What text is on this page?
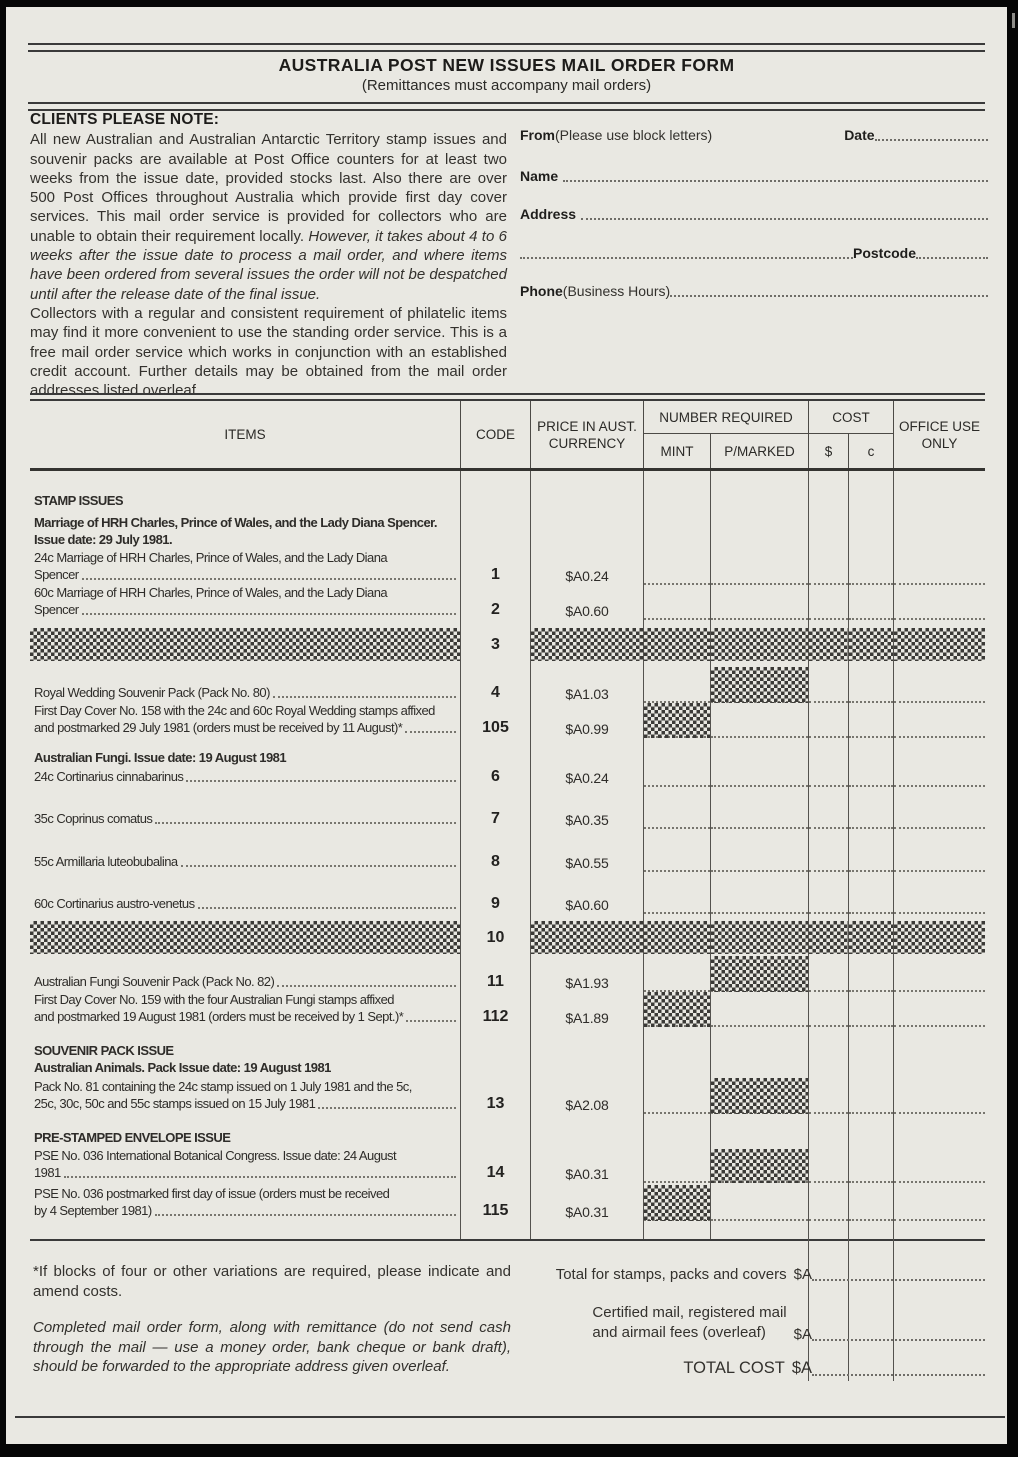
AUSTRALIA POST NEW ISSUES MAIL ORDER FORM
(Remittances must accompany mail orders)
CLIENTS PLEASE NOTE:
All new Australian and Australian Antarctic Territory stamp issues and souvenir packs are available at Post Office counters for at least two weeks from the issue date, provided stocks last. Also there are over 500 Post Offices throughout Australia which provide first day cover services. This mail order service is provided for collectors who are unable to obtain their requirement locally. However, it takes about 4 to 6 weeks after the issue date to process a mail order, and where items have been ordered from several issues the order will not be despatched until after the release date of the final issue.
Collectors with a regular and consistent requirement of philatelic items may find it more convenient to use the standing order service. This is a free mail order service which works in conjunction with an established credit account. Further details may be obtained from the mail order addresses listed overleaf.
From (Please use block letters)	Date
Name
Address
Postcode
Phone (Business Hours)
ITEMS	CODE
PRICE IN AUST.
CURRENCY
NUMBER REQUIRED
MINT	P/MARKED
COST
$	c
OFFICE USE
ONLY
STAMP ISSUES
Marriage of HRH Charles, Prince of Wales, and the Lady Diana Spencer.
Issue date: 29 July 1981.
24c Marriage of HRH Charles, Prince of Wales, and the Lady Diana
Spencer	1	$A0.24
60c Marriage of HRH Charles, Prince of Wales, and the Lady Diana
Spencer	2	$A0.60
3
Royal Wedding Souvenir Pack (Pack No. 80)	4	$A1.03
First Day Cover No. 158 with the 24c and 60c Royal Wedding stamps affixed
and postmarked 29 July 1981 (orders must be received by 11 August)*	105	$A0.99
Australian Fungi. Issue date: 19 August 1981
24c Cortinarius cinnabarinus	6	$A0.24
35c Coprinus comatus	7	$A0.35
55c Armillaria luteobubalina	8	$A0.55
60c Cortinarius austro-venetus	9	$A0.60
10
Australian Fungi Souvenir Pack (Pack No. 82)	11	$A1.93
First Day Cover No. 159 with the four Australian Fungi stamps affixed
and postmarked 19 August 1981 (orders must be received by 1 Sept.)*	112	$A1.89
SOUVENIR PACK ISSUE
Australian Animals. Pack Issue date: 19 August 1981
Pack No. 81 containing the 24c stamp issued on 1 July 1981 and the 5c,
25c, 30c, 50c and 55c stamps issued on 15 July 1981	13	$A2.08
PRE-STAMPED ENVELOPE ISSUE
PSE No. 036 International Botanical Congress. Issue date: 24 August
1981	14	$A0.31
PSE No. 036 postmarked first day of issue (orders must be received
by 4 September 1981)	115	$A0.31
*If blocks of four or other variations are required, please indicate and amend costs.
Completed mail order form, along with remittance (do not send cash through the mail — use a money order, bank cheque or bank draft), should be forwarded to the appropriate address given overleaf.
Total for stamps, packs and covers $A
Certified mail, registered mail
and airmail fees (overleaf)	$A
TOTAL COST $A
